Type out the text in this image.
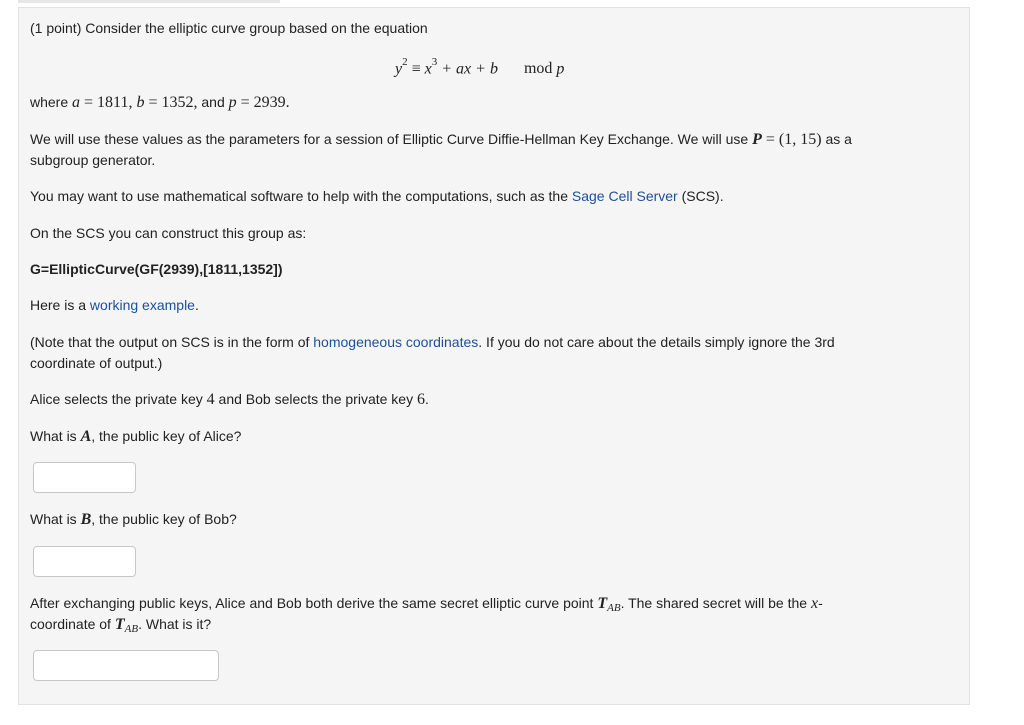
(1 point) Consider the elliptic curve group based on the equation

$y^2 \equiv x^3$ + ax + b mod p

where a = 1811, b = 1352, and p = 2939.

We will use these values as the parameters for a session of Elliptic Curve Diffie-Hellman Key Exchange. We will use P = (1, 15) as a

subgroup generator.

You may want to use mathematical software to help with the computations, such as the Sage Cell Server (SCS).

On the SCS you can construct this group as:

G=EllipticCurve(GF(2939),[1811,1352])

Here is a working example.

(Note that the output on SCS is in the form of homogeneous coordinates. If you do not care about the details simply ignore the 3rd

coordinate of output.)

Alice selects the private key 4 and Bob selects the private key 6.

What is A, the public key of Alice?

What is B, the public key of Bob?

After exchanging public keys, Alice and Bob both derive the same secret elliptic curve point $T_{AB}$. The shared secret will be the x-

coordinate of $T_{AB}$. What is it?
